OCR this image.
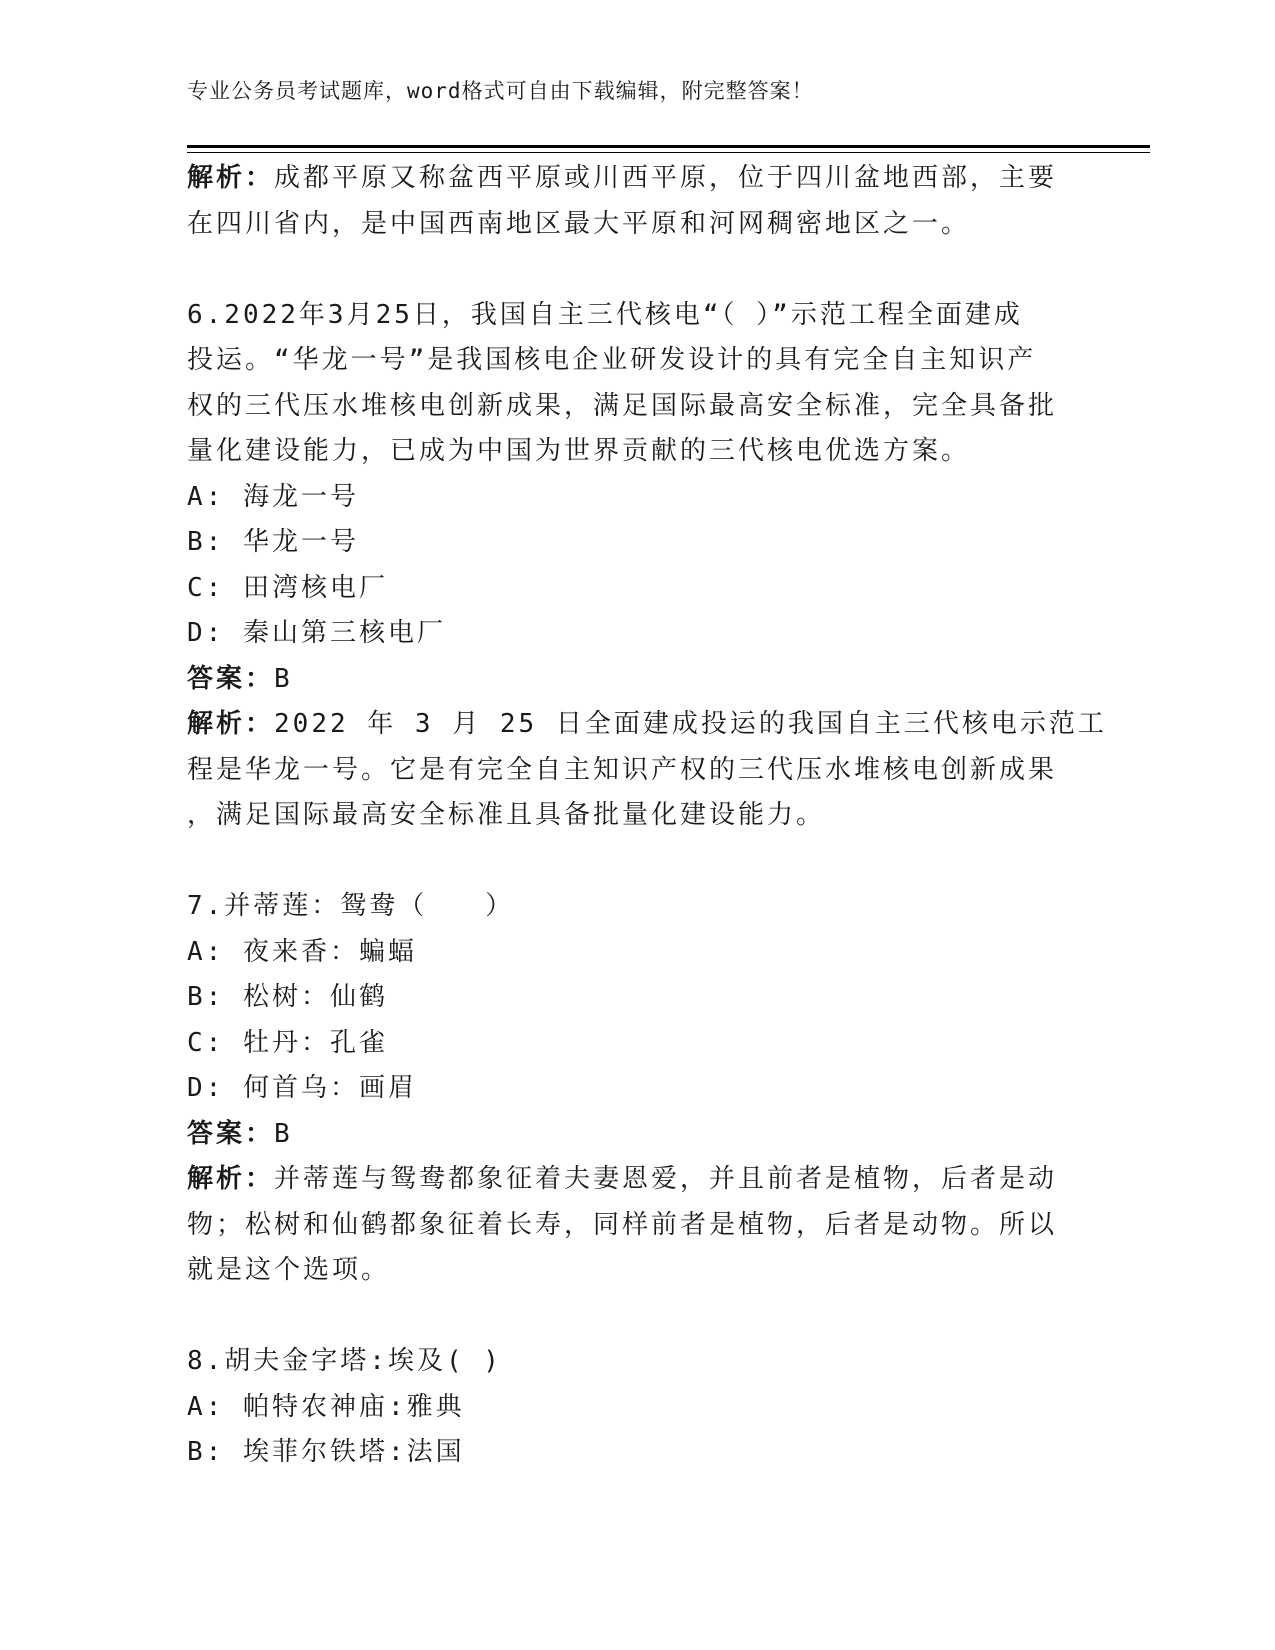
专业公务员考试题库，word格式可自由下载编辑，附完整答案！
解析：成都平原又称盆西平原或川西平原，位于四川盆地西部，主要
在四川省内，是中国西南地区最大平原和河网稠密地区之一。
6.2022年3月25日，我国自主三代核电“（ ）”示范工程全面建成
投运。“华龙一号”是我国核电企业研发设计的具有完全自主知识产
权的三代压水堆核电创新成果，满足国际最高安全标准，完全具备批
量化建设能力，已成为中国为世界贡献的三代核电优选方案。
A: 海龙一号
B: 华龙一号
C: 田湾核电厂
D: 秦山第三核电厂
答案：B
解析：2022 年 3 月 25 日全面建成投运的我国自主三代核电示范工
程是华龙一号。它是有完全自主知识产权的三代压水堆核电创新成果
，满足国际最高安全标准且具备批量化建设能力。
7.并蒂莲：鸳鸯（　　）
A: 夜来香：蝙蝠
B: 松树：仙鹤
C: 牡丹：孔雀
D: 何首乌：画眉
答案：B
解析：并蒂莲与鸳鸯都象征着夫妻恩爱，并且前者是植物，后者是动
物；松树和仙鹤都象征着长寿，同样前者是植物，后者是动物。所以
就是这个选项。
8.胡夫金字塔:埃及( )
A: 帕特农神庙:雅典
B: 埃菲尔铁塔:法国
